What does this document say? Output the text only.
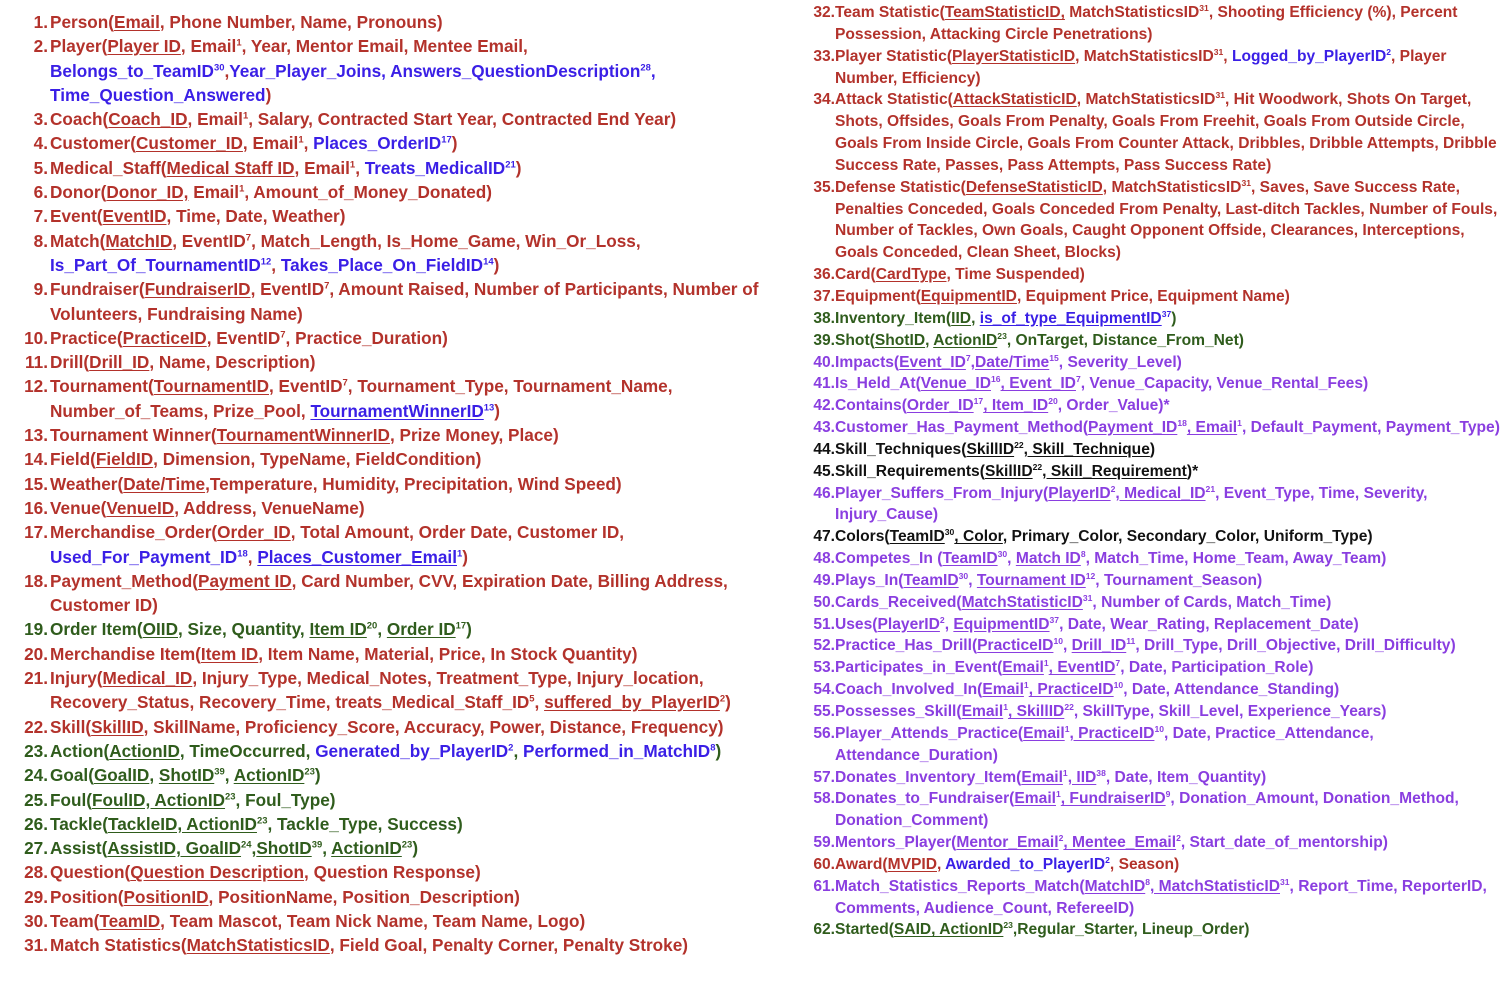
1. Person(Email, Phone Number, Name, Pronouns)
2. Player(Player ID, Email$^1$, Year, Mentor Email, Mentee Email, Belongs_to_TeamID$^{30}$,Year_Player_Joins, Answers_QuestionDescription$^{28}$, Time_Question_Answered)
3. Coach(Coach_ID, Email$^1$, Salary, Contracted Start Year, Contracted End Year)
4. Customer(Customer_ID, Email$^1$, Places_OrderID$^{17}$)
5. Medical_Staff(Medical Staff ID, Email$^1$, Treats_MedicalID$^{21}$)
6. Donor(Donor_ID, Email$^1$, Amount_of_Money_Donated)
7. Event(EventID, Time, Date, Weather)
8. Match(MatchID, EventID$^7$, Match_Length, Is_Home_Game, Win_Or_Loss, Is_Part_Of_TournamentID$^{12}$, Takes_Place_On_FieldID$^{14}$)
9. Fundraiser(FundraiserID, EventID$^7$, Amount Raised, Number of Participants, Number of Volunteers, Fundraising Name)
10. Practice(PracticeID, EventID$^7$, Practice_Duration)
11. Drill(Drill_ID, Name, Description)
12. Tournament(TournamentID, EventID$^7$, Tournament_Type, Tournament_Name, Number_of_Teams, Prize_Pool, TournamentWinnerID$^{13}$)
13. Tournament Winner(TournamentWinnerID, Prize Money, Place)
14. Field(FieldID, Dimension, TypeName, FieldCondition)
15. Weather(Date/Time,Temperature, Humidity, Precipitation, Wind Speed)
16. Venue(VenueID, Address, VenueName)
17. Merchandise_Order(Order_ID, Total Amount, Order Date, Customer ID, Used_For_Payment_ID$^{18}$, Places_Customer_Email$^1$)
18. Payment_Method(Payment ID, Card Number, CVV, Expiration Date, Billing Address, Customer ID)
19. Order Item(OIID, Size, Quantity, Item ID$^{20}$, Order ID$^{17}$)
20. Merchandise Item(Item ID, Item Name, Material, Price, In Stock Quantity)
21. Injury(Medical_ID, Injury_Type, Medical_Notes, Treatment_Type, Injury_location, Recovery_Status, Recovery_Time, $treats\_Medical\_Staff\_ID^5$, suffered_by_PlayerID$^2$)
22. Skill(SkillID, SkillName, Proficiency_Score, Accuracy, Power, Distance, Frequency)
23. Action(ActionID, TimeOccurred, Generated_by_PlayerID$^2$, Performed_in_MatchID$^8$)
24. Goal(GoalID, ShotID$^{39}$, ActionID$^{23}$)
25. Foul(FoulID, ActionID$^{23}$, Foul_Type)
26. Tackle(TackleID, ActionID$^{23}$, Tackle_Type, Success)
27. Assist(AssistID, GoalID$^{24}$,ShotID$^{39}$, ActionID$^{23}$)
28. Question(Question Description, Question Response)
29. Position(PositionID, PositionName, Position_Description)
30. Team(TeamID, Team Mascot, Team Nick Name, Team Name, Logo)
31. Match Statistics(MatchStatisticsID, Field Goal, Penalty Corner, Penalty Stroke)
32. Team Statistic(TeamStatisticID, MatchStatisticsID$^{31}$, Shooting Efficiency (%), Percent Possession, Attacking Circle Penetrations)
33. Player Statistic(PlayerStatisticID, MatchStatisticsID$^{31}$, Logged_by_PlayerID$^2$, Player Number, Efficiency)
34. Attack Statistic(AttackStatisticID, MatchStatisticsID$^{31}$, Hit Woodwork, Shots On Target, Shots, Offsides, Goals From Penalty, Goals From Freehit, Goals From Outside Circle, Goals From Inside Circle, Goals From Counter Attack, Dribbles, Dribble Attempts, Dribble Success Rate, Passes, Pass Attempts, Pass Success Rate)
35. Defense Statistic(DefenseStatisticID, MatchStatisticsID$^{31}$, Saves, Save Success Rate, Penalties Conceded, Goals Conceded From Penalty, Last-ditch Tackles, Number of Fouls, Number of Tackles, Own Goals, Caught Opponent Offside, Clearances, Interceptions, Goals Conceded, Clean Sheet, Blocks)
36. Card(CardType, Time Suspended)
37. Equipment(EquipmentID, Equipment Price, Equipment Name)
38. Inventory_Item(IID, is_of_type_EquipmentID$^{37}$)
39. Shot(ShotID, ActionID$^{23}$, OnTarget, Distance_From_Net)
40. $Impacts(Event\_ID^7,Date/Time^{15}$, Severity_Level)
41. Is_Held_At(Venue_ID$^{16}$, $Event\_ID^7$, Venue_Capacity, Venue_Rental_Fees)
42. Contains(Order_ID$^{17}$, Item_ID$^{20}$, Order_Value)*
43. Customer_Has_Payment_Method(Payment_ID$^{18}$, Email$^1$, Default_Payment, Payment_Type)
44. Skill_Techniques(SkillID$^{22}$, Skill_Technique)
45. Skill_Requirements(SkillID$^{22}$, Skill_Requirement)*
46. Player_Suffers_From_Injury(PlayerID$^2$, Medical_ID$^{21}$, Event_Type, Time, Severity, Injury_Cause)
47. Colors(TeamID$^{30}$, Color, Primary_Color, Secondary_Color, Uniform_Type)
48. Competes_In (TeamID$^{30}$, Match $ID^8$, Match_Time, Home_Team, Away_Team)
49. Plays_In(TeamID$^{30}$, Tournament ID$^{12}$, Tournament_Season)
50. Cards_Received(MatchStatisticID$^{31}$, Number of Cards, Match_Time)
51. Uses(PlayerID$^2$, EquipmentID$^{37}$, Date, Wear_Rating, Replacement_Date)
52. Practice_Has_Drill(PracticeID$^{10}$, Drill_ID$^{11}$, Drill_Type, Drill_Objective, Drill_Difficulty)
53. Participates_in_Event(Email$^1$, EventID$^7$, Date, Participation_Role)
54. Coach_Involved_In(Email$^1$, PracticeID$^{10}$, Date, Attendance_Standing)
55. Possesses_Skill(Email$^1$, SkillID$^{22}$, SkillType, Skill_Level, Experience_Years)
56. Player_Attends_Practice(Email$^1$, PracticeID$^{10}$, Date, Practice_Attendance, Attendance_Duration)
57. Donates_Inventory_Item(Email$^1$, IID$^{38}$, Date, Item_Quantity)
58. Donates_to_Fundraiser(Email$^1$, FundraiserID$^9$, Donation_Amount, Donation_Method, Donation_Comment)
59. Mentors_Player(Mentor_Email$^2$, Mentee_Email$^2$, Start_date_of_mentorship)
60. Award(MVPID, Awarded_to_PlayerID$^2$, Season)
61. Match_Statistics_Reports_Match(MatchID$^8$, MatchStatisticID$^{31}$, Report_Time, ReporterID, Comments, Audience_Count, RefereeID)
62. Started(SAID, ActionID$^{23}$,Regular_Starter, Lineup_Order)
